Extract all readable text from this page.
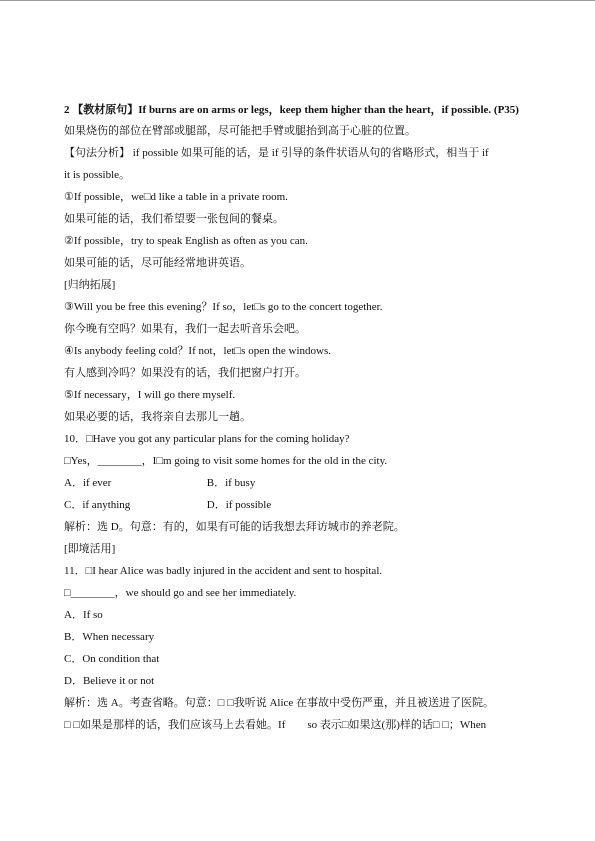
2 【教材原句】If burns are on arms or legs，keep them higher than the heart，if possible. (P35)
如果烧伤的部位在臂部或腿部，尽可能把手臂或腿抬到高于心脏的位置。
【句法分析】 if possible 如果可能的话，是 if 引导的条件状语从句的省略形式，相当于 if
it is possible。
①If possible，we□d like a table in a private room.
如果可能的话，我们希望要一张包间的餐桌。
②If possible，try to speak English as often as you can.
如果可能的话，尽可能经常地讲英语。
[归纳拓展]
③Will you be free this evening？If so，let□s go to the concert together.
你今晚有空吗？如果有，我们一起去听音乐会吧。
④Is anybody feeling cold？If not，let□s open the windows.
有人感到冷吗？如果没有的话，我们把窗户打开。
⑤If necessary，I will go there myself.
如果必要的话，我将亲自去那儿一趟。
10．□Have you got any particular plans for the coming holiday?
□Yes，________，I□m going to visit some homes for the old in the city.
A．if ever	B．if busy
C．if anything	D．if possible
解析：选 D。句意：有的，如果有可能的话我想去拜访城市的养老院。
[即境活用]
11．□I hear Alice was badly injured in the accident and sent to hospital.
□________，we should go and see her immediately.
A．If so
B．When necessary
C．On condition that
D．Believe it or not
解析：选 A。考查省略。句意：□ □我听说 Alice 在事故中受伤严重，并且被送进了医院。
□ □如果是那样的话，我们应该马上去看她。If　　so 表示□如果这(那)样的话□ □；When
